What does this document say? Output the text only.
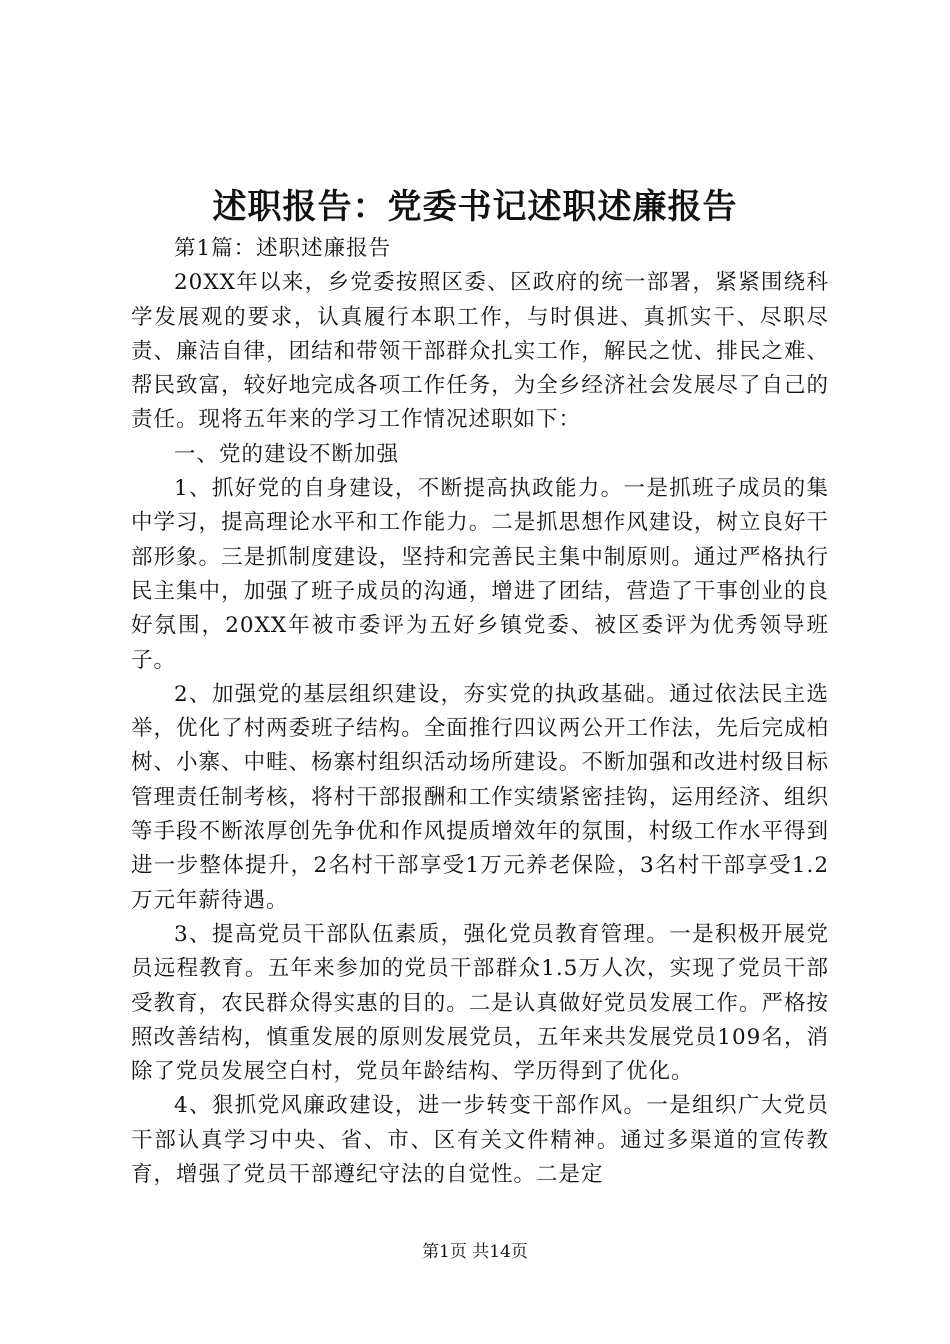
述职报告：党委书记述职述廉报告

第1篇：述职述廉报告

20XX年以来，乡党委按照区委、区政府的统一部署，紧紧围绕科学发展观的要求，认真履行本职工作，与时俱进、真抓实干、尽职尽责、廉洁自律，团结和带领干部群众扎实工作，解民之忧、排民之难、帮民致富，较好地完成各项工作任务，为全乡经济社会发展尽了自己的责任。现将五年来的学习工作情况述职如下：

一、党的建设不断加强

1、抓好党的自身建设，不断提高执政能力。一是抓班子成员的集中学习，提高理论水平和工作能力。二是抓思想作风建设，树立良好干部形象。三是抓制度建设，坚持和完善民主集中制原则。通过严格执行民主集中，加强了班子成员的沟通，增进了团结，营造了干事创业的良好氛围，20XX年被市委评为五好乡镇党委、被区委评为优秀领导班子。

2、加强党的基层组织建设，夯实党的执政基础。通过依法民主选举，优化了村两委班子结构。全面推行四议两公开工作法，先后完成柏树、小寨、中畦、杨寨村组织活动场所建设。不断加强和改进村级目标管理责任制考核，将村干部报酬和工作实绩紧密挂钩，运用经济、组织等手段不断浓厚创先争优和作风提质增效年的氛围，村级工作水平得到进一步整体提升，2名村干部享受1万元养老保险，3名村干部享受1.2万元年薪待遇。

3、提高党员干部队伍素质，强化党员教育管理。一是积极开展党员远程教育。五年来参加的党员干部群众1.5万人次，实现了党员干部受教育，农民群众得实惠的目的。二是认真做好党员发展工作。严格按照改善结构，慎重发展的原则发展党员，五年来共发展党员109名，消除了党员发展空白村，党员年龄结构、学历得到了优化。

4、狠抓党风廉政建设，进一步转变干部作风。一是组织广大党员干部认真学习中央、省、市、区有关文件精神。通过多渠道的宣传教育，增强了党员干部遵纪守法的自觉性。二是定

第1页 共14页
